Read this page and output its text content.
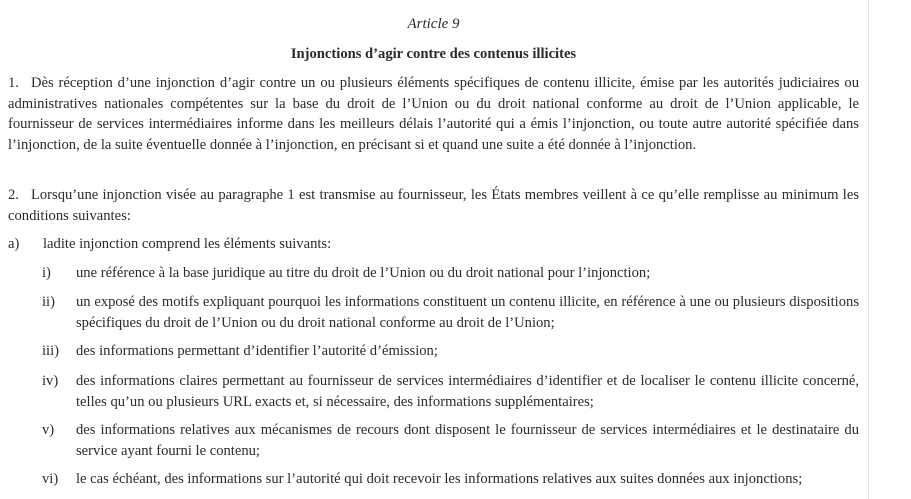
Article 9
Injonctions d’agir contre des contenus illicites
1. Dès réception d’une injonction d’agir contre un ou plusieurs éléments spécifiques de contenu illicite, émise par les autorités judiciaires ou administratives nationales compétentes sur la base du droit de l’Union ou du droit national conforme au droit de l’Union applicable, le fournisseur de services intermédiaires informe dans les meilleurs délais l’autorité qui a émis l’injonction, ou toute autre autorité spécifiée dans l’injonction, de la suite éventuelle donnée à l’injonction, en précisant si et quand une suite a été donnée à l’injonction.
2. Lorsqu’une injonction visée au paragraphe 1 est transmise au fournisseur, les États membres veillent à ce qu’elle remplisse au minimum les conditions suivantes:
a) ladite injonction comprend les éléments suivants:
i) une référence à la base juridique au titre du droit de l’Union ou du droit national pour l’injonction;
ii) un exposé des motifs expliquant pourquoi les informations constituent un contenu illicite, en référence à une ou plusieurs dispositions spécifiques du droit de l’Union ou du droit national conforme au droit de l’Union;
iii) des informations permettant d’identifier l’autorité d’émission;
iv) des informations claires permettant au fournisseur de services intermédiaires d’identifier et de localiser le contenu illicite concerné, telles qu’un ou plusieurs URL exacts et, si nécessaire, des informations supplémentaires;
v) des informations relatives aux mécanismes de recours dont disposent le fournisseur de services intermédiaires et le destinataire du service ayant fourni le contenu;
vi) le cas échéant, des informations sur l’autorité qui doit recevoir les informations relatives aux suites données aux injonctions;
